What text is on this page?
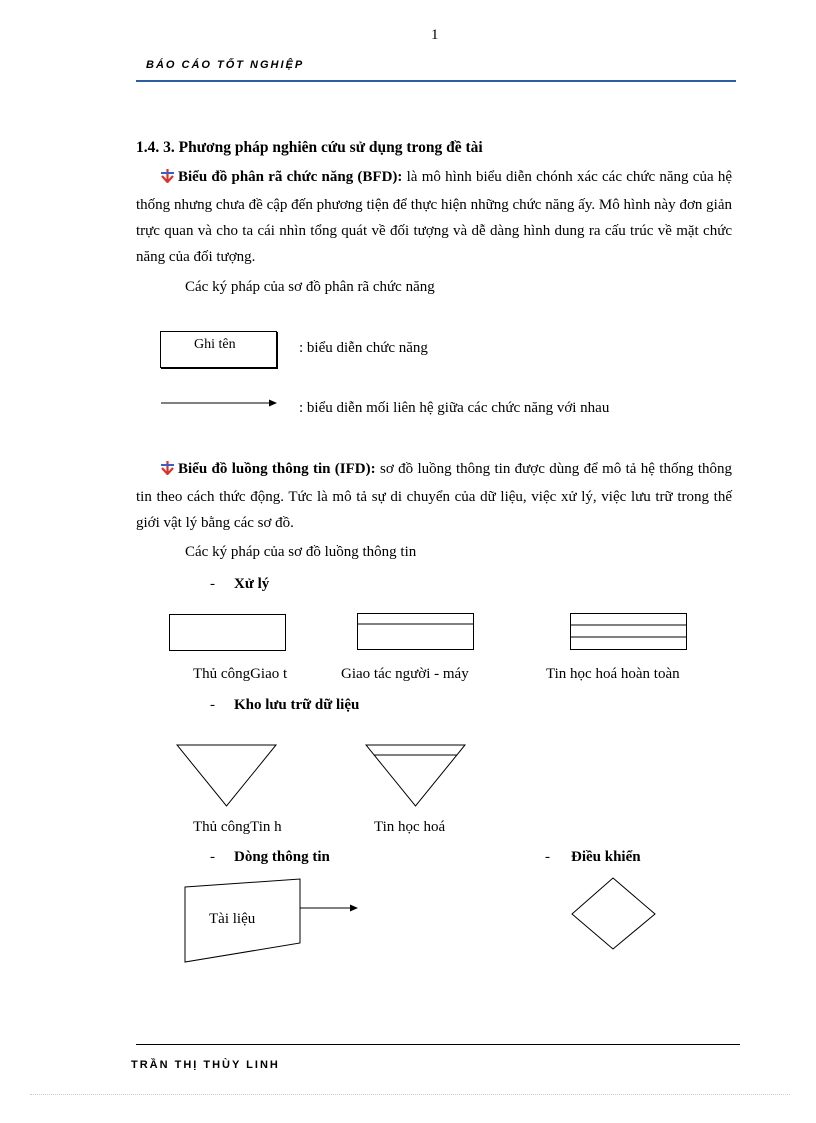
1
BÁO CÁO TỐT NGHIỆP
1.4. 3. Phương pháp nghiên cứu sử dụng trong đề tài
Biểu đồ phân rã chức năng (BFD): là mô hình biểu diễn chónh xác các chức năng của hệ thống nhưng chưa đề cập đến phương tiện để thực hiện những chức năng ấy. Mô hình này đơn giản trực quan và cho ta cái nhìn tổng quát về đối tượng và dễ dàng hình dung ra cấu trúc về mặt chức năng của đối tượng.
Các ký pháp của sơ đồ phân rã chức năng
Ghi tên	: biểu diễn chức năng
: biểu diễn mối liên hệ giữa các chức năng với nhau
Biểu đồ luồng thông tin (IFD): sơ đồ luồng thông tin được dùng để mô tả hệ thống thông tin theo cách thức động. Tức là mô tả sự di chuyển của dữ liệu, việc xử lý, việc lưu trữ trong thế giới vật lý bằng các sơ đồ.
Các ký pháp của sơ đồ luồng thông tin
- Xử lý
Thủ côngGiao t	Giao tác người - máy	Tin học hoá hoàn toàn
- Kho lưu trữ dữ liệu
Thủ côngTin h	Tin học hoá
- Dòng thông tin	- Điều khiển
Tài liệu
TRẦN THỊ THÙY LINH
